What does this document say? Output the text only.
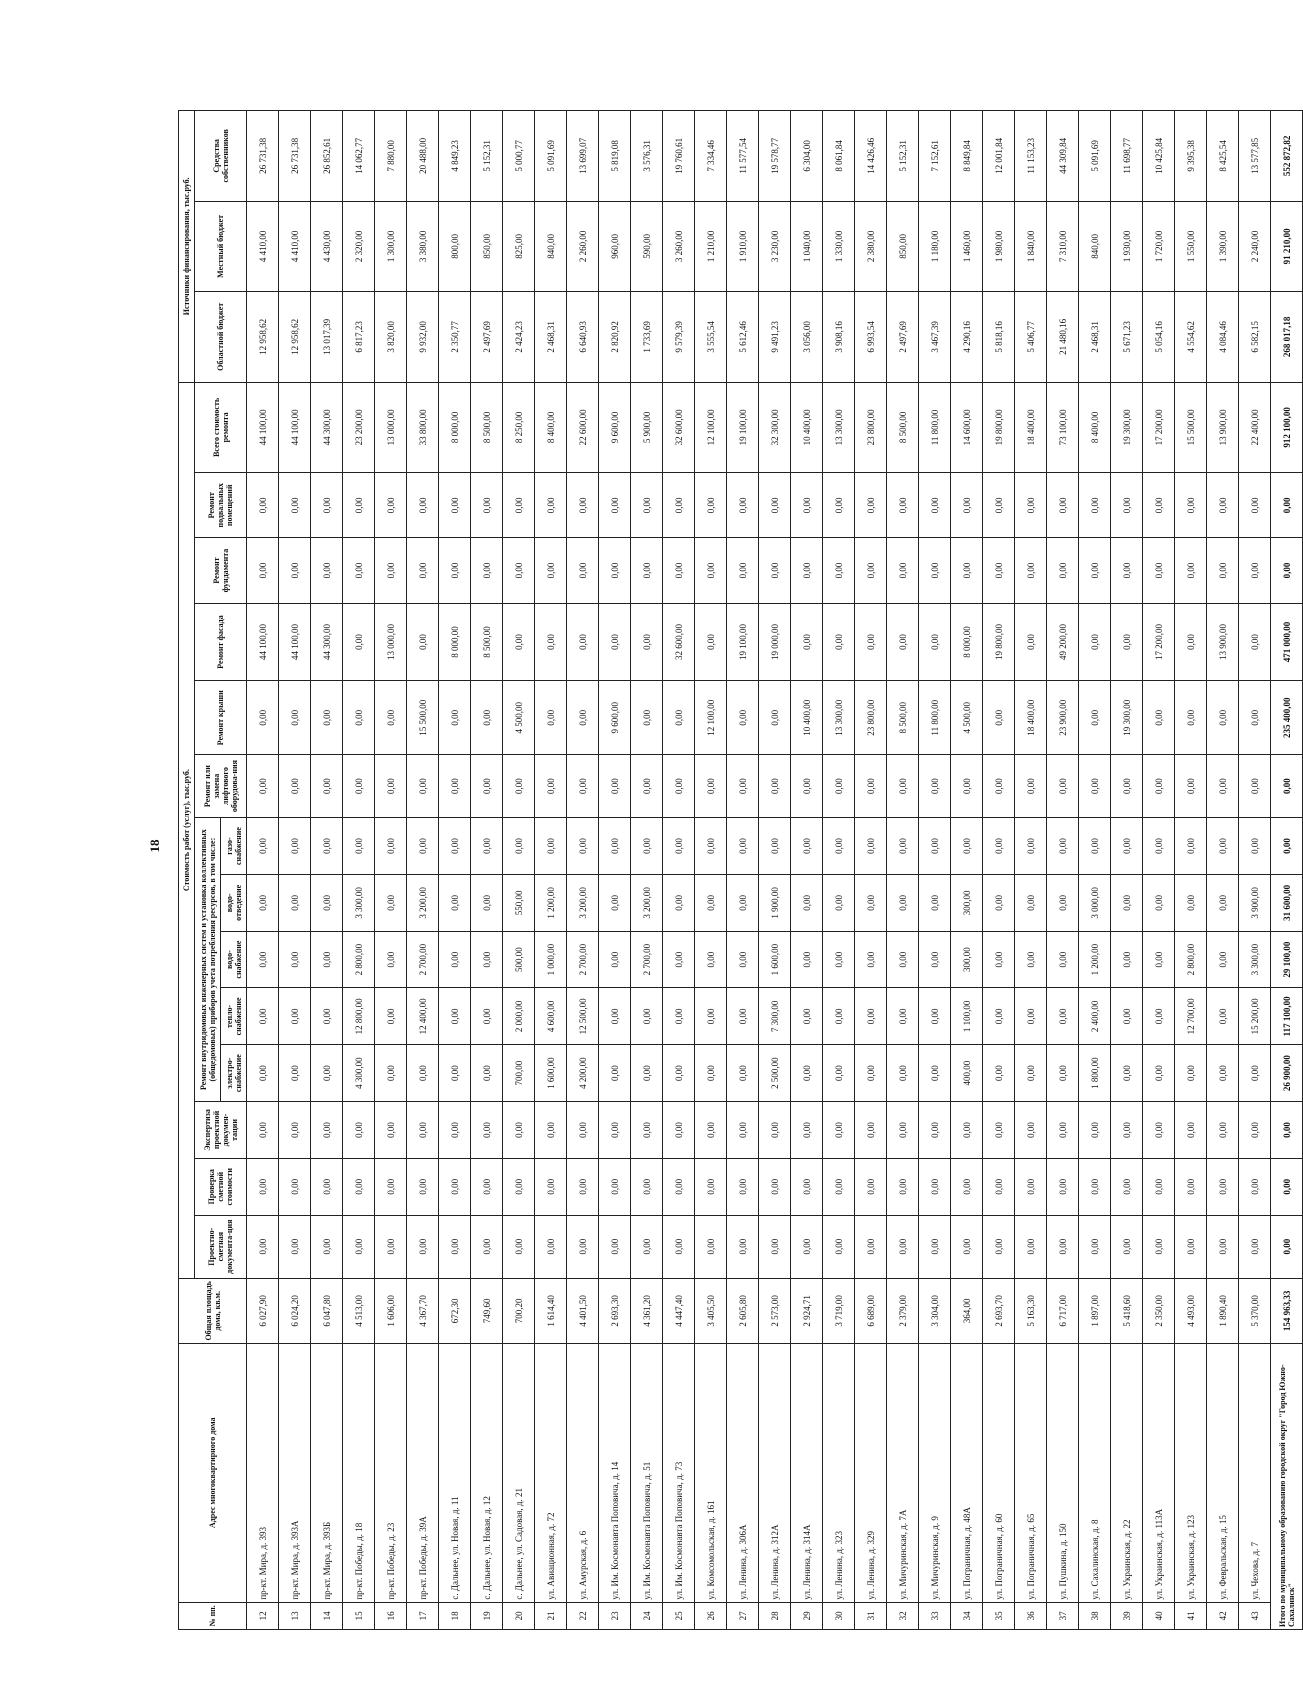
18
№ пп.	Адрес многоквартирного дома	Общая площадь дома, кв.м.	Стоимость работ (услуг), тыс.руб.														Источники финансирования, тыс.руб.		
			Проектно-сметная документа-ция	Проверка сметной стоимости	Экспертиза проектной докумен-тации	Ремонт внутридомовых инженерных систем и установка коллективных (общедомовых) приборов учета потребления ресурсов, в том числе:					Ремонт или замена лифтового оборудова-ния	Ремонт крыши	Ремонт фасада	Ремонт фундамента	Ремонт подвальных помещений	Всего стоимость ремонта	Областной бюджет	Местный бюджет	Средства собственников
						электро-снабжение	тепло-снабжение	водо-снабжение	водо-отведение	газо-снабжение									
12	пр-кт. Мира, д. 393	6 027,90	0,00	0,00	0,00	0,00	0,00	0,00	0,00	0,00	0,00	0,00	44 100,00	0,00	0,00	44 100,00	12 958,62	4 410,00	26 731,38
13	пр-кт. Мира, д. 393А	6 024,20	0,00	0,00	0,00	0,00	0,00	0,00	0,00	0,00	0,00	0,00	44 100,00	0,00	0,00	44 100,00	12 958,62	4 410,00	26 731,38
14	пр-кт. Мира, д. 393Б	6 047,80	0,00	0,00	0,00	0,00	0,00	0,00	0,00	0,00	0,00	0,00	44 300,00	0,00	0,00	44 300,00	13 017,39	4 430,00	26 852,61
15	пр-кт. Победы, д. 18	4 513,00	0,00	0,00	0,00	4 300,00	12 800,00	2 800,00	3 300,00	0,00	0,00	0,00	0,00	0,00	0,00	23 200,00	6 817,23	2 320,00	14 062,77
16	пр-кт. Победы, д. 23	1 606,00	0,00	0,00	0,00	0,00	0,00	0,00	0,00	0,00	0,00	0,00	13 000,00	0,00	0,00	13 000,00	3 820,00	1 300,00	7 880,00
17	пр-кт. Победы, д. 39А	4 367,70	0,00	0,00	0,00	0,00	12 400,00	2 700,00	3 200,00	0,00	0,00	15 500,00	0,00	0,00	0,00	33 800,00	9 932,00	3 380,00	20 488,00
18	с. Дальнее, ул. Новая, д. 11	672,30	0,00	0,00	0,00	0,00	0,00	0,00	0,00	0,00	0,00	0,00	8 000,00	0,00	0,00	8 000,00	2 350,77	800,00	4 849,23
19	с. Дальнее, ул. Новая, д. 12	749,60	0,00	0,00	0,00	0,00	0,00	0,00	0,00	0,00	0,00	0,00	8 500,00	0,00	0,00	8 500,00	2 497,69	850,00	5 152,31
20	с. Дальнее, ул. Садовая, д. 21	700,20	0,00	0,00	0,00	700,00	2 000,00	500,00	550,00	0,00	0,00	4 500,00	0,00	0,00	0,00	8 250,00	2 424,23	825,00	5 000,77
21	ул. Авиационная, д. 72	1 614,40	0,00	0,00	0,00	1 600,00	4 600,00	1 000,00	1 200,00	0,00	0,00	0,00	0,00	0,00	0,00	8 400,00	2 468,31	840,00	5 091,69
22	ул. Амурская, д. 6	4 401,50	0,00	0,00	0,00	4 200,00	12 500,00	2 700,00	3 200,00	0,00	0,00	0,00	0,00	0,00	0,00	22 600,00	6 640,93	2 260,00	13 699,07
23	ул. Им. Космонавта Поповича, д. 14	2 693,30	0,00	0,00	0,00	0,00	0,00	0,00	0,00	0,00	0,00	9 600,00	0,00	0,00	0,00	9 600,00	2 820,92	960,00	5 819,08
24	ул. Им. Космонавта Поповича, д. 51	4 361,20	0,00	0,00	0,00	0,00	0,00	2 700,00	3 200,00	0,00	0,00	0,00	0,00	0,00	0,00	5 900,00	1 733,69	590,00	3 576,31
25	ул. Им. Космонавта Поповича, д. 73	4 447,40	0,00	0,00	0,00	0,00	0,00	0,00	0,00	0,00	0,00	0,00	32 600,00	0,00	0,00	32 600,00	9 579,39	3 260,00	19 760,61
26	ул. Комсомольская, д. 161	3 405,50	0,00	0,00	0,00	0,00	0,00	0,00	0,00	0,00	0,00	12 100,00	0,00	0,00	0,00	12 100,00	3 555,54	1 210,00	7 334,46
27	ул. Ленина, д. 306А	2 605,80	0,00	0,00	0,00	0,00	0,00	0,00	0,00	0,00	0,00	0,00	19 100,00	0,00	0,00	19 100,00	5 612,46	1 910,00	11 577,54
28	ул. Ленина, д. 312А	2 573,00	0,00	0,00	0,00	2 500,00	7 300,00	1 600,00	1 900,00	0,00	0,00	0,00	19 000,00	0,00	0,00	32 300,00	9 491,23	3 230,00	19 578,77
29	ул. Ленина, д. 314А	2 924,71	0,00	0,00	0,00	0,00	0,00	0,00	0,00	0,00	0,00	10 400,00	0,00	0,00	0,00	10 400,00	3 056,00	1 040,00	6 304,00
30	ул. Ленина, д. 323	3 719,00	0,00	0,00	0,00	0,00	0,00	0,00	0,00	0,00	0,00	13 300,00	0,00	0,00	0,00	13 300,00	3 908,16	1 330,00	8 061,84
31	ул. Ленина, д. 329	6 689,00	0,00	0,00	0,00	0,00	0,00	0,00	0,00	0,00	0,00	23 800,00	0,00	0,00	0,00	23 800,00	6 993,54	2 380,00	14 426,46
32	ул. Мичуринская, д. 7А	2 379,00	0,00	0,00	0,00	0,00	0,00	0,00	0,00	0,00	0,00	8 500,00	0,00	0,00	0,00	8 500,00	2 497,69	850,00	5 152,31
33	ул. Мичуринская, д. 9	3 304,00	0,00	0,00	0,00	0,00	0,00	0,00	0,00	0,00	0,00	11 800,00	0,00	0,00	0,00	11 800,00	3 467,39	1 180,00	7 152,61
34	ул. Пограничная, д. 48А	364,00	0,00	0,00	0,00	400,00	1 100,00	300,00	300,00	0,00	0,00	4 500,00	8 000,00	0,00	0,00	14 600,00	4 290,16	1 460,00	8 849,84
35	ул. Пограничная, д. 60	2 693,70	0,00	0,00	0,00	0,00	0,00	0,00	0,00	0,00	0,00	0,00	19 800,00	0,00	0,00	19 800,00	5 818,16	1 980,00	12 001,84
36	ул. Пограничная, д. 65	5 163,30	0,00	0,00	0,00	0,00	0,00	0,00	0,00	0,00	0,00	18 400,00	0,00	0,00	0,00	18 400,00	5 406,77	1 840,00	11 153,23
37	ул. Пушкина, д. 150	6 717,00	0,00	0,00	0,00	0,00	0,00	0,00	0,00	0,00	0,00	23 900,00	49 200,00	0,00	0,00	73 100,00	21 480,16	7 310,00	44 309,84
38	ул. Сахалинская, д. 8	1 897,00	0,00	0,00	0,00	1 800,00	2 400,00	1 200,00	3 000,00	0,00	0,00	0,00	0,00	0,00	0,00	8 400,00	2 468,31	840,00	5 091,69
39	ул. Украинская, д. 22	5 418,60	0,00	0,00	0,00	0,00	0,00	0,00	0,00	0,00	0,00	19 300,00	0,00	0,00	0,00	19 300,00	5 671,23	1 930,00	11 698,77
40	ул. Украинская, д. 113А	2 350,00	0,00	0,00	0,00	0,00	0,00	0,00	0,00	0,00	0,00	0,00	17 200,00	0,00	0,00	17 200,00	5 054,16	1 720,00	10 425,84
41	ул. Украинская, д. 123	4 493,00	0,00	0,00	0,00	0,00	12 700,00	2 800,00	0,00	0,00	0,00	0,00	0,00	0,00	0,00	15 500,00	4 554,62	1 550,00	9 395,38
42	ул. Февральская, д. 15	1 890,40	0,00	0,00	0,00	0,00	0,00	0,00	0,00	0,00	0,00	0,00	13 900,00	0,00	0,00	13 900,00	4 084,46	1 390,00	8 425,54
43	ул. Чехова, д. 7	5 370,00	0,00	0,00	0,00	0,00	15 200,00	3 300,00	3 900,00	0,00	0,00	0,00	0,00	0,00	0,00	22 400,00	6 582,15	2 240,00	13 577,85
Итого по муниципальному образованию городской округ "Город Южно-Сахалинск"		154 963,33	0,00	0,00	0,00	26 900,00	117 100,00	29 100,00	31 600,00	0,00	0,00	235 400,00	471 000,00	0,00	0,00	912 100,00	268 017,18	91 210,00	552 872,82
